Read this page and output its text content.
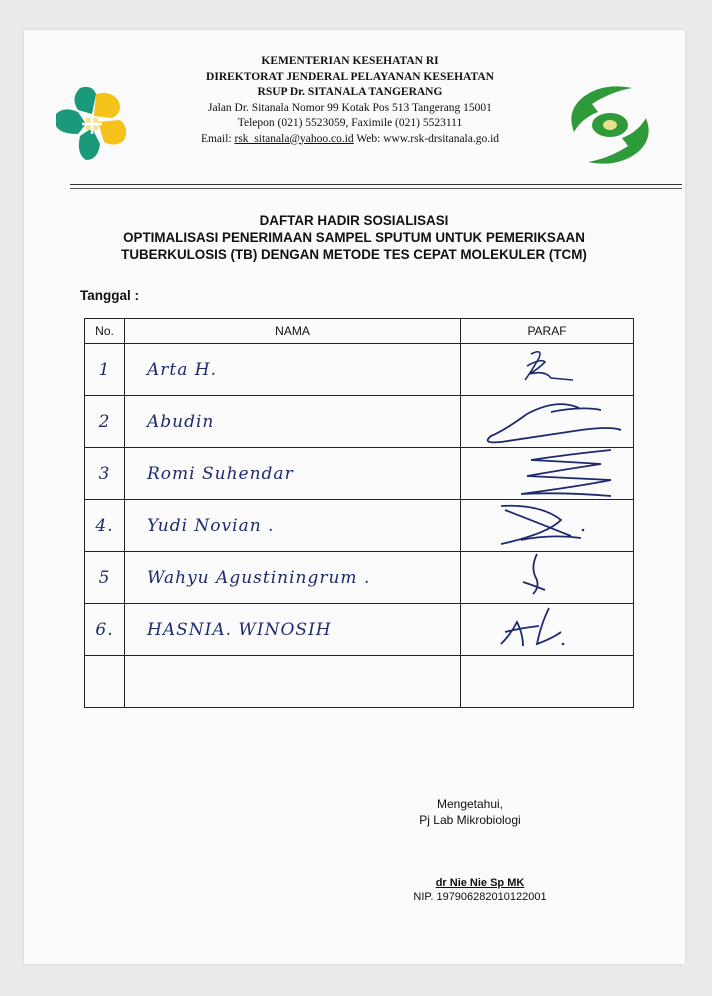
KEMENTERIAN KESEHATAN RI
DIREKTORAT JENDERAL PELAYANAN KESEHATAN
RSUP Dr. SITANALA TANGERANG
Jalan Dr. Sitanala Nomor 99 Kotak Pos 513 Tangerang 15001
Telepon (021) 5523059, Faximile (021) 5523111
Email: rsk_sitanala@yahoo.co.id Web: www.rsk-drsitanala.go.id
DAFTAR HADIR SOSIALISASI
OPTIMALISASI PENERIMAAN SAMPEL SPUTUM UNTUK PEMERIKSAAN
TUBERKULOSIS (TB) DENGAN METODE TES CEPAT MOLEKULER (TCM)
Tanggal :
No.	NAMA	PARAF
1	Arta H.	

2	Abudin	

3	Romi Suhendar	

4.	Yudi Novian .	

5	Wahyu Agustiningrum .	

6.	HASNIA. WINOSIH	

Mengetahui,
Pj Lab Mikrobiologi
dr Nie Nie Sp MK
NIP. 197906282010122001
